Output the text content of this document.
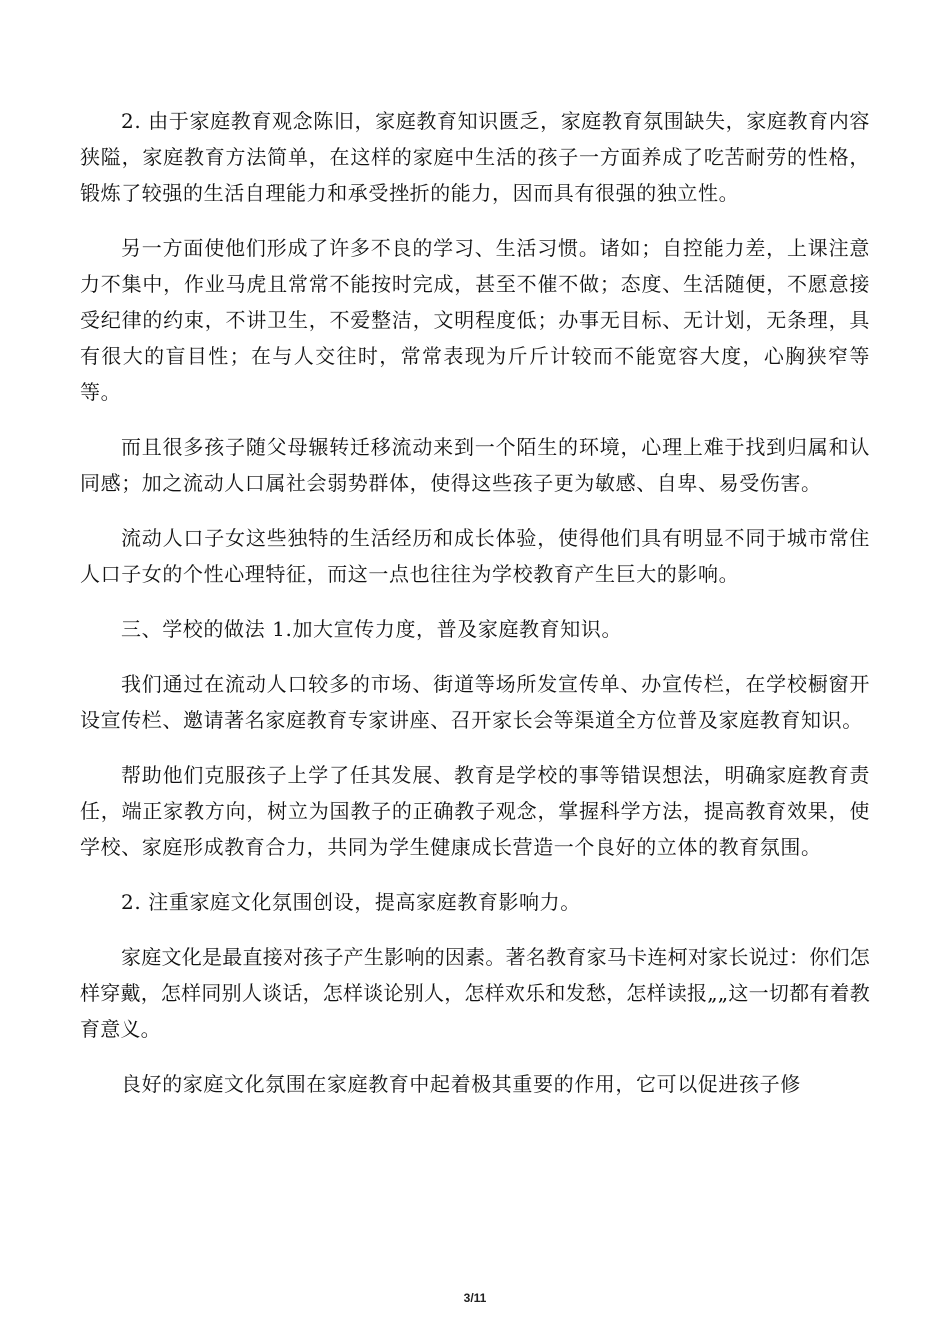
2. 由于家庭教育观念陈旧，家庭教育知识匮乏，家庭教育氛围缺失，家庭教育内容狭隘，家庭教育方法简单，在这样的家庭中生活的孩子一方面养成了吃苦耐劳的性格，锻炼了较强的生活自理能力和承受挫折的能力，因而具有很强的独立性。

另一方面使他们形成了许多不良的学习、生活习惯。诸如；自控能力差，上课注意力不集中，作业马虎且常常不能按时完成，甚至不催不做；态度、生活随便，不愿意接受纪律的约束，不讲卫生，不爱整洁，文明程度低；办事无目标、无计划，无条理，具有很大的盲目性；在与人交往时，常常表现为斤斤计较而不能宽容大度，心胸狭窄等等。

而且很多孩子随父母辗转迁移流动来到一个陌生的环境，心理上难于找到归属和认同感；加之流动人口属社会弱势群体，使得这些孩子更为敏感、自卑、易受伤害。

流动人口子女这些独特的生活经历和成长体验，使得他们具有明显不同于城市常住人口子女的个性心理特征，而这一点也往往为学校教育产生巨大的影响。

三、学校的做法 1.加大宣传力度，普及家庭教育知识。

我们通过在流动人口较多的市场、街道等场所发宣传单、办宣传栏，在学校橱窗开设宣传栏、邀请著名家庭教育专家讲座、召开家长会等渠道全方位普及家庭教育知识。

帮助他们克服孩子上学了任其发展、教育是学校的事等错误想法，明确家庭教育责任，端正家教方向，树立为国教子的正确教子观念，掌握科学方法，提高教育效果，使学校、家庭形成教育合力，共同为学生健康成长营造一个良好的立体的教育氛围。

2. 注重家庭文化氛围创设，提高家庭教育影响力。

家庭文化是最直接对孩子产生影响的因素。著名教育家马卡连柯对家长说过：你们怎样穿戴，怎样同别人谈话，怎样谈论别人，怎样欢乐和发愁，怎样读报„„这一切都有着教育意义。

良好的家庭文化氛围在家庭教育中起着极其重要的作用，它可以促进孩子修

3/11
